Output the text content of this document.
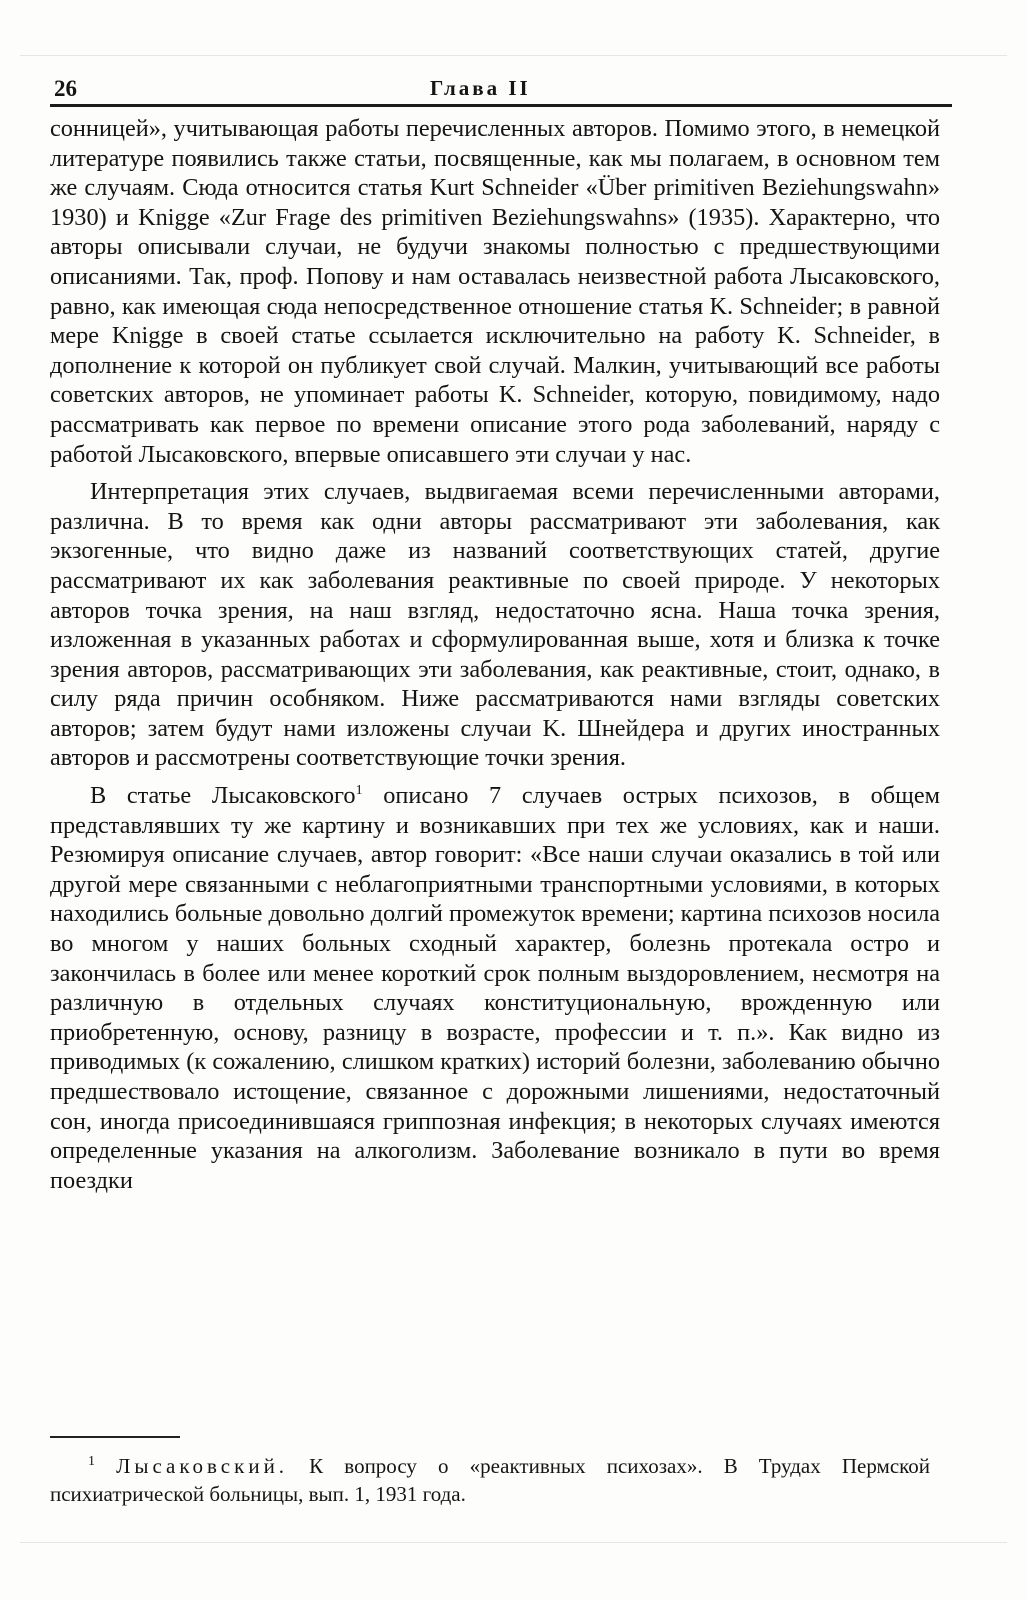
26	Глава II

сонницей», учитывающая работы перечисленных авторов. Помимо этого, в немецкой литературе появились также статьи, посвященные, как мы полагаем, в основном тем же случаям. Сюда относится статья Kurt Schneider «Über primitiven Beziehungswahn» 1930) и Knigge «Zur Frage des primitiven Beziehungswahns» (1935). Характерно, что авторы описывали случаи, не будучи знакомы полностью с предшествующими описаниями. Так, проф. Попову и нам оставалась неизвестной работа Лысаковского, равно, как имеющая сюда непосредственное отношение статья K. Schneider; в равной мере Knigge в своей статье ссылается исключительно на работу K. Schneider, в дополнение к которой он публикует свой случай. Малкин, учитывающий все работы советских авторов, не упоминает работы K. Schneider, которую, повидимому, надо рассматривать как первое по времени описание этого рода заболеваний, наряду с работой Лысаковского, впервые описавшего эти случаи у нас.

Интерпретация этих случаев, выдвигаемая всеми перечисленными авторами, различна. В то время как одни авторы рассматривают эти заболевания, как экзогенные, что видно даже из названий соответствующих статей, другие рассматривают их как заболевания реактивные по своей природе. У некоторых авторов точка зрения, на наш взгляд, недостаточно ясна. Наша точка зрения, изложенная в указанных работах и сформулированная выше, хотя и близка к точке зрения авторов, рассматривающих эти заболевания, как реактивные, стоит, однако, в силу ряда причин особняком. Ниже рассматриваются нами взгляды советских авторов; затем будут нами изложены случаи K. Шнейдера и других иностранных авторов и рассмотрены соответствующие точки зрения.

В статье Лысаковского$^1$ описано 7 случаев острых психозов, в общем представлявших ту же картину и возникавших при тех же условиях, как и наши. Резюмируя описание случаев, автор говорит: «Все наши случаи оказались в той или другой мере связанными с неблагоприятными транспортными условиями, в которых находились больные довольно долгий промежуток времени; картина психозов носила во многом у наших больных сходный характер, болезнь протекала остро и закончилась в более или менее короткий срок полным выздоровлением, несмотря на различную в отдельных случаях конституциональную, врожденную или приобретенную, основу, разницу в возрасте, профессии и т. п.». Как видно из приводимых (к сожалению, слишком кратких) историй болезни, заболеванию обычно предшествовало истощение, связанное с дорожными лишениями, недостаточный сон, иногда присоединившаяся гриппозная инфекция; в некоторых случаях имеются определенные указания на алкоголизм. Заболевание возникало в пути во время поездки

$^1$ Лысаковский. К вопросу о «реактивных психозах». В Трудах Пермской психиатрической больницы, вып. 1, 1931 года.
